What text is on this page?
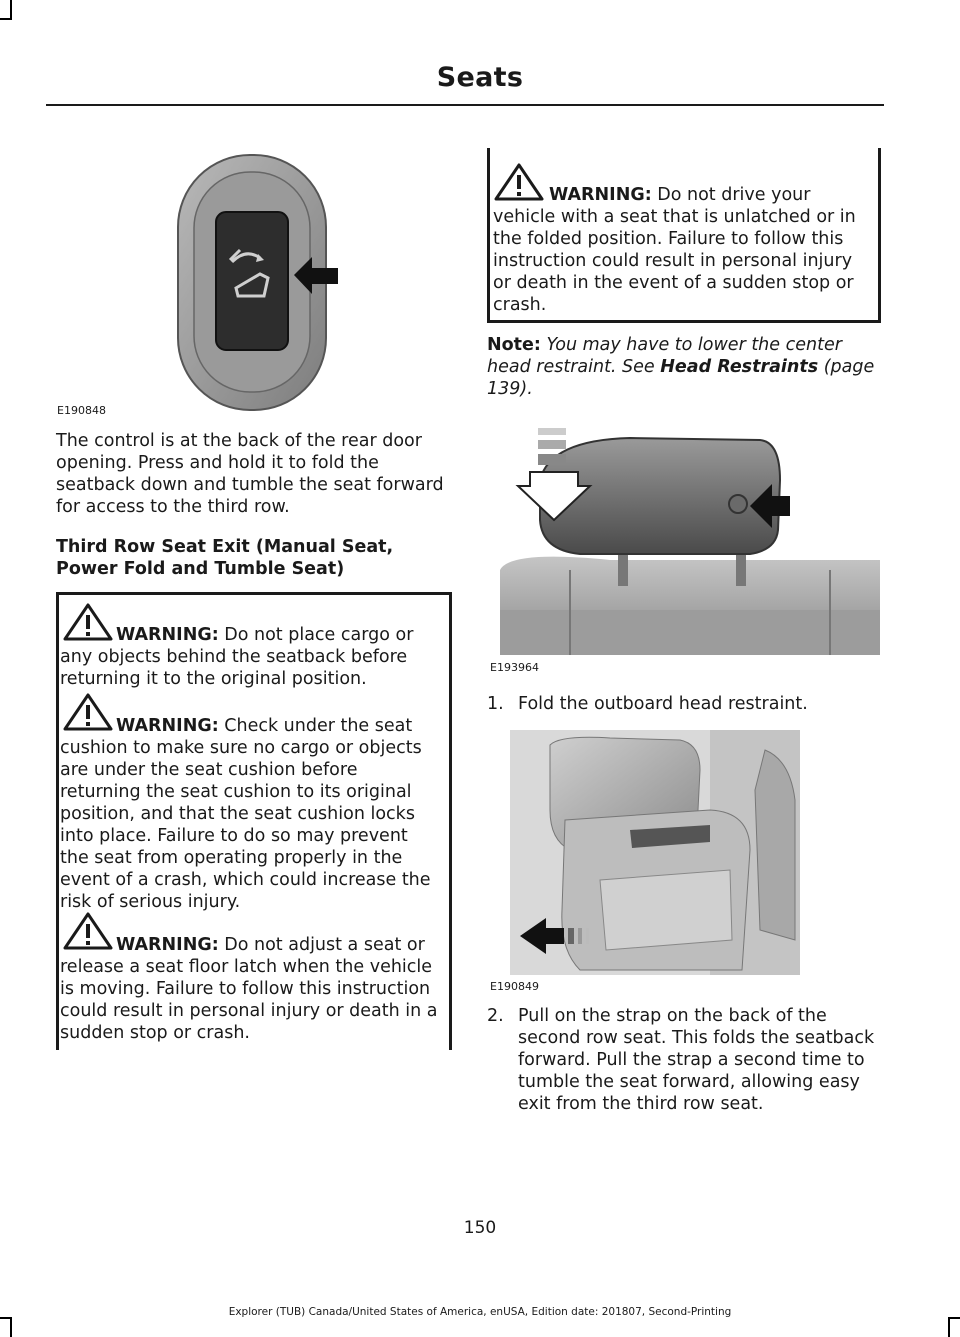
Seats
E190848
The control is at the back of the rear door opening. Press and hold it to fold the seatback down and tumble the seat forward for access to the third row.
Third Row Seat Exit (Manual Seat, Power Fold and Tumble Seat)
WARNING: Do not place cargo or any objects behind the seatback before returning it to the original position.
WARNING: Check under the seat cushion to make sure no cargo or objects are under the seat cushion before returning the seat cushion to its original position, and that the seat cushion locks into place. Failure to do so may prevent the seat from operating properly in the event of a crash, which could increase the risk of serious injury.
WARNING: Do not adjust a seat or release a seat floor latch when the vehicle is moving. Failure to follow this instruction could result in personal injury or death in a sudden stop or crash.
WARNING: Do not drive your vehicle with a seat that is unlatched or in the folded position. Failure to follow this instruction could result in personal injury or death in the event of a sudden stop or crash.
Note: You may have to lower the center head restraint. See Head Restraints (page 139).
E193964
1. Fold the outboard head restraint.
E190849
2. Pull on the strap on the back of the second row seat. This folds the seatback forward. Pull the strap a second time to tumble the seat forward, allowing easy exit from the third row seat.
150
Explorer (TUB) Canada/United States of America, enUSA, Edition date: 201807, Second-Printing
